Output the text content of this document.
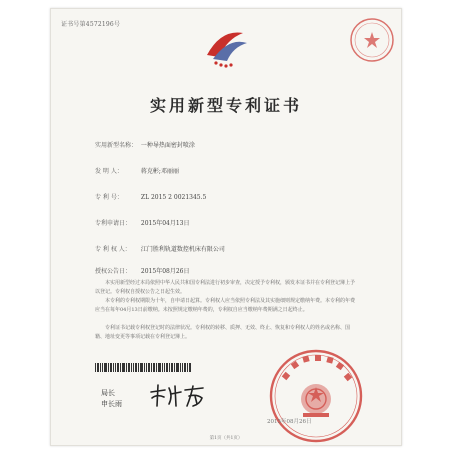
证书号第4572196号
实用新型专利证书
实用新型名称： 一种导热面密封喷涂
发 明 人：	蒋克彬;邓丽丽
专 利 号：	ZL 2015 2 0021345.5
专利申请日： 2015年04月13日
专 利 权 人： 江门胜利轨道数控机床有限公司
授权公告日： 2015年08月26日

本实用新型经过本局依照中华人民共和国专利法进行初步审查，决定授予专利权，颁发本证书并在专利登记簿上予以登记。专利权自授权公告之日起生效。

本专利的专利权期限为十年，自申请日起算。专利权人应当依照专利法及其实施细则规定缴纳年费。本专利的年费应当在每年04月13日前缴纳。未按照规定缴纳年费的，专利权自应当缴纳年费期满之日起终止。

专利证书记载专利权登记时的法律状况。专利权的转移、质押、无效、终止、恢复和专利权人的姓名或名称、国籍、地址变更等事项记载在专利登记簿上。

局长
申长雨
2015年08月26日
第1页（共1页）
